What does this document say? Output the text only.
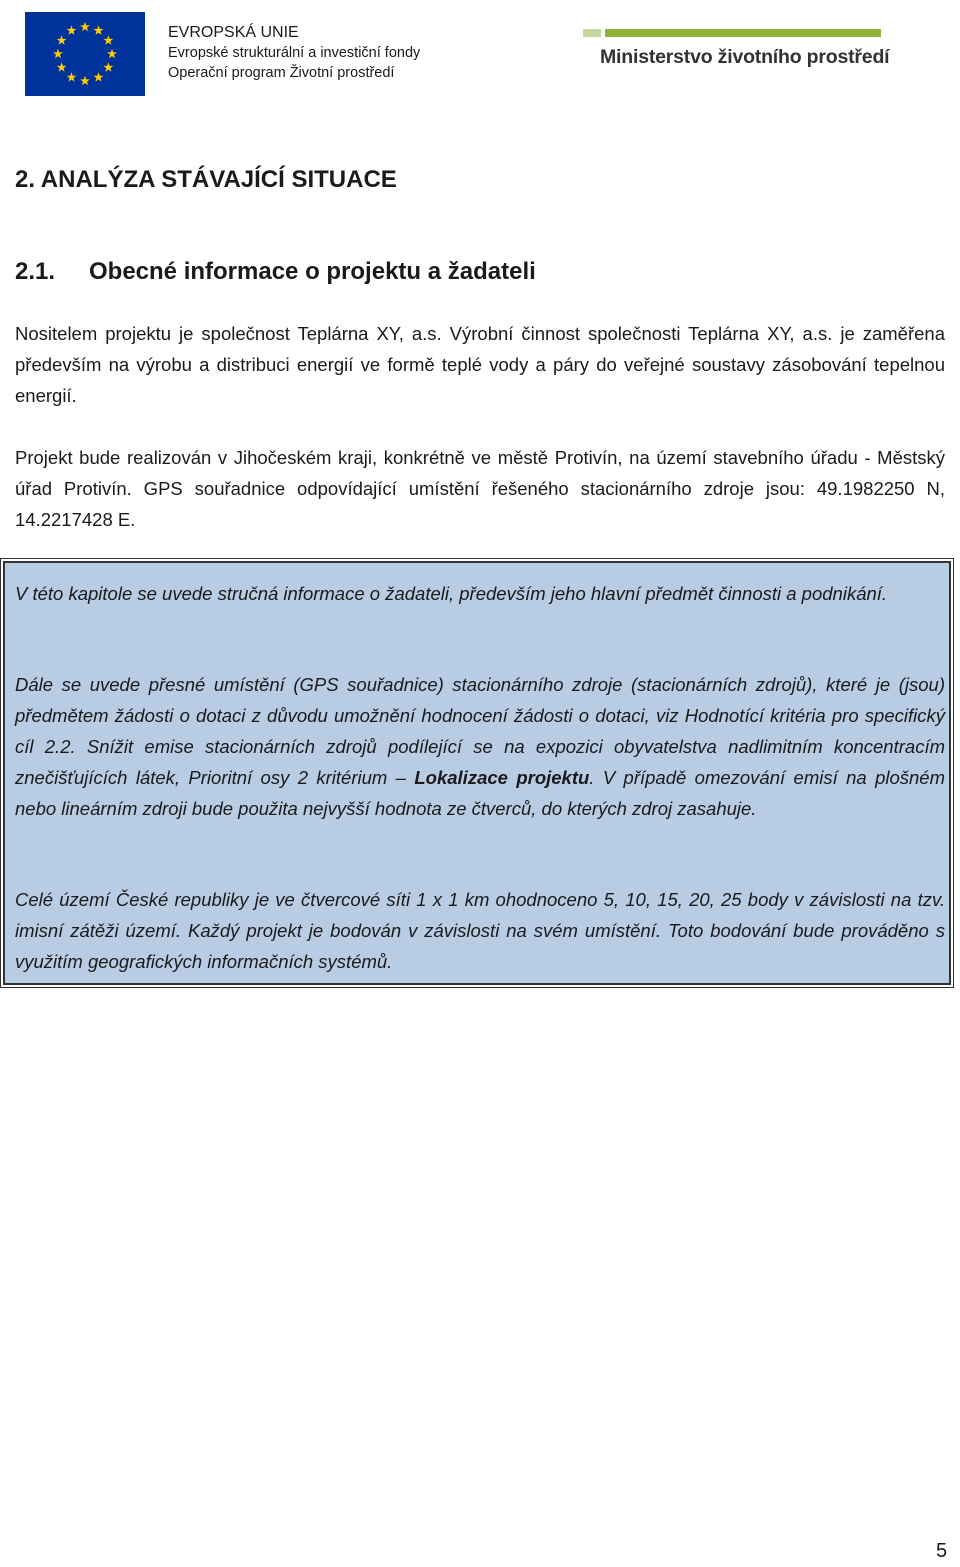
EVROPSKÁ UNIE
Evropské strukturální a investiční fondy
Operační program Životní prostředí
Ministerstvo životního prostředí
2. ANALÝZA STÁVAJÍCÍ SITUACE
2.1. Obecné informace o projektu a žadateli

Nositelem projektu je společnost Teplárna XY, a.s. Výrobní činnost společnosti Teplárna XY, a.s. je zaměřena především na výrobu a distribuci energií ve formě teplé vody a páry do veřejné soustavy zásobování tepelnou energií.

Projekt bude realizován v Jihočeském kraji, konkrétně ve městě Protivín, na území stavebního úřadu - Městský úřad Protivín. GPS souřadnice odpovídající umístění řešeného stacionárního zdroje jsou: 49.1982250 N, 14.2217428 E.

V této kapitole se uvede stručná informace o žadateli, především jeho hlavní předmět činnosti a podnikání.

Dále se uvede přesné umístění (GPS souřadnice) stacionárního zdroje (stacionárních zdrojů), které je (jsou) předmětem žádosti o dotaci z důvodu umožnění hodnocení žádosti o dotaci, viz Hodnotící kritéria pro specifický cíl 2.2. Snížit emise stacionárních zdrojů podílející se na expozici obyvatelstva nadlimitním koncentracím znečišťujících látek, Prioritní osy 2 kritérium – Lokalizace projektu. V případě omezování emisí na plošném nebo lineárním zdroji bude použita nejvyšší hodnota ze čtverců, do kterých zdroj zasahuje.

Celé území České republiky je ve čtvercové síti 1 x 1 km ohodnoceno 5, 10, 15, 20, 25 body v závislosti na tzv. imisní zátěži území. Každý projekt je bodován v závislosti na svém umístění. Toto bodování bude prováděno s využitím geografických informačních systémů.

5
